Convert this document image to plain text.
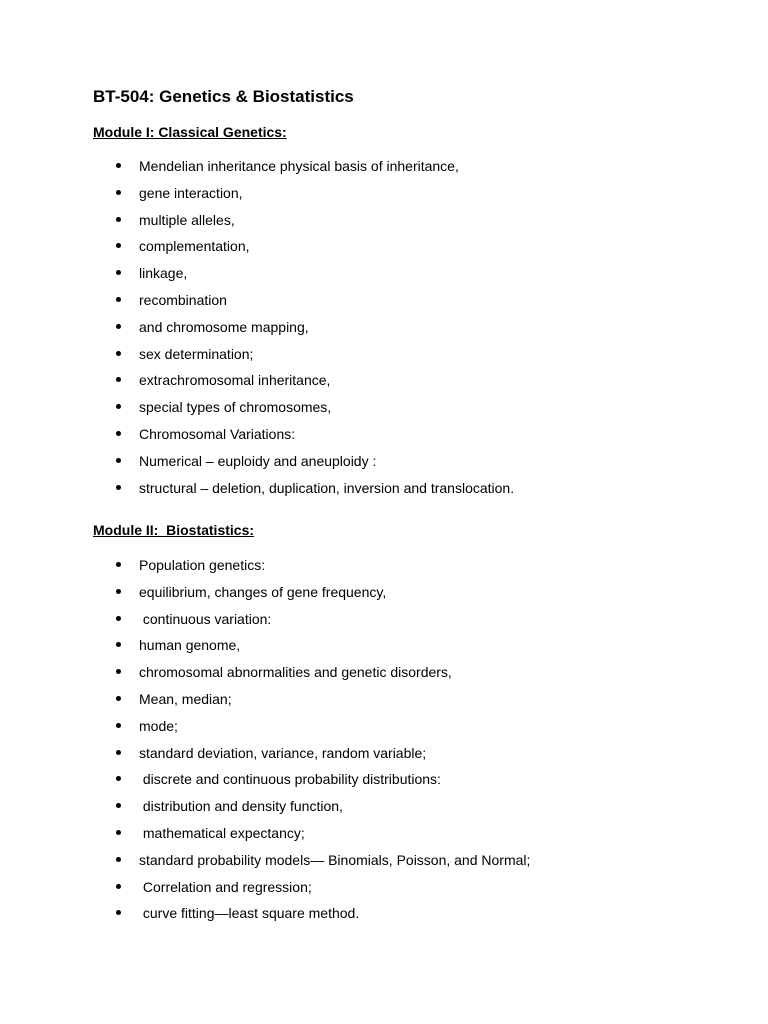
BT-504: Genetics & Biostatistics
Module I: Classical Genetics:
Mendelian inheritance physical basis of inheritance,
gene interaction,
multiple alleles,
complementation,
linkage,
recombination
and chromosome mapping,
sex determination;
extrachromosomal inheritance,
special types of chromosomes,
Chromosomal Variations:
Numerical – euploidy and aneuploidy :
structural – deletion, duplication, inversion and translocation.
Module II:  Biostatistics:
Population genetics:
equilibrium, changes of gene frequency,
continuous variation:
human genome,
chromosomal abnormalities and genetic disorders,
Mean, median;
mode;
standard deviation, variance, random variable;
discrete and continuous probability distributions:
distribution and density function,
mathematical expectancy;
standard probability models— Binomials, Poisson, and Normal;
Correlation and regression;
curve fitting—least square method.
